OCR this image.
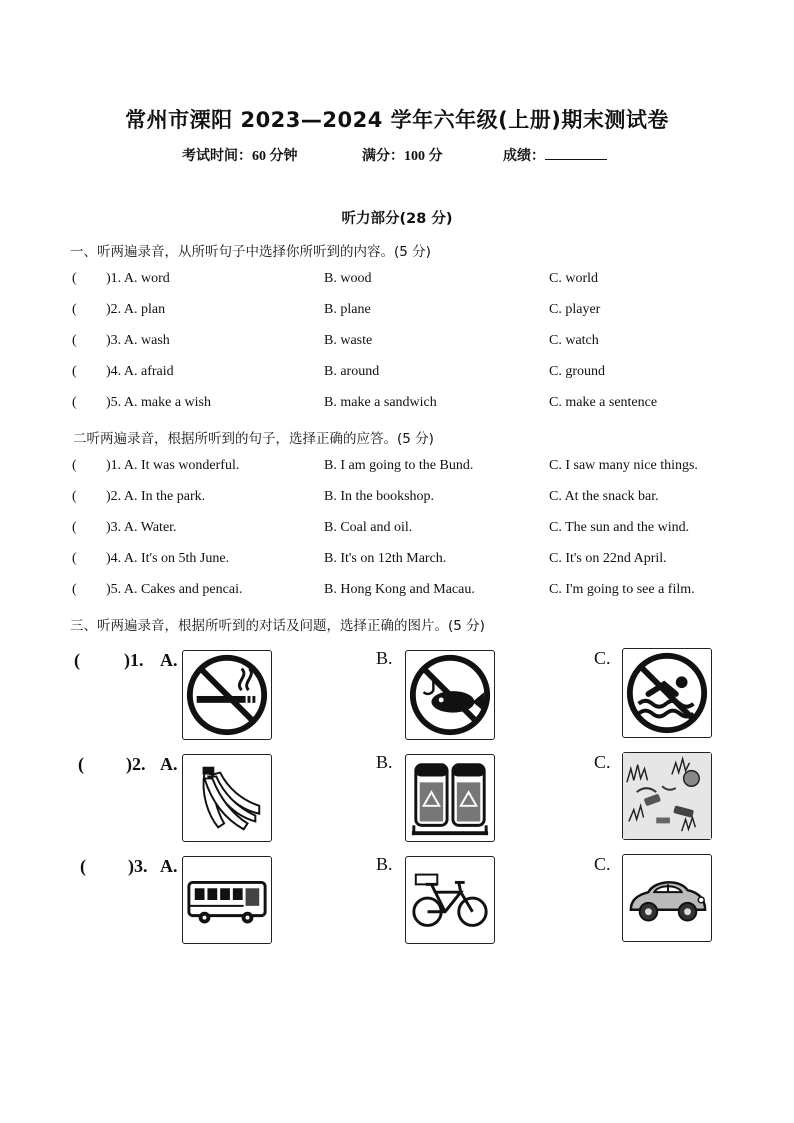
常州市溧阳 2023—2024 学年六年级(上册)期末测试卷
考试时间：60 分钟	满分：100 分	成绩：
听力部分(28 分)
一、听两遍录音，从所听句子中选择你所听到的内容。(5 分)
( )1. A. word	B. wood	C. world
( )2. A. plan	B. plane	C. player
( )3. A. wash	B. waste	C. watch
( )4. A. afraid	B. around	C. ground
( )5. A. make a wish	B. make a sandwich	C. make a sentence
二听两遍录音，根据所听到的句子，选择正确的应答。(5 分)
( )1. A. It was wonderful.	B. I am going to the Bund.	C. I saw many nice things.
( )2. A. In the park.	B. In the bookshop.	C. At the snack bar.
( )3. A. Water.	B. Coal and oil.	C. The sun and the wind.
( )4. A. It's on 5th June.	B. It's on 12th March.	C. It's on 22nd April.
( )5. A. Cakes and pencai.	B. Hong Kong and Macau.	C. I'm going to see a film.
三、听两遍录音，根据所听到的对话及问题，选择正确的图片。(5 分)
( )1. A.	B.	C.
( )2. A.	B.	C.
( )3. A.	B.	C.
